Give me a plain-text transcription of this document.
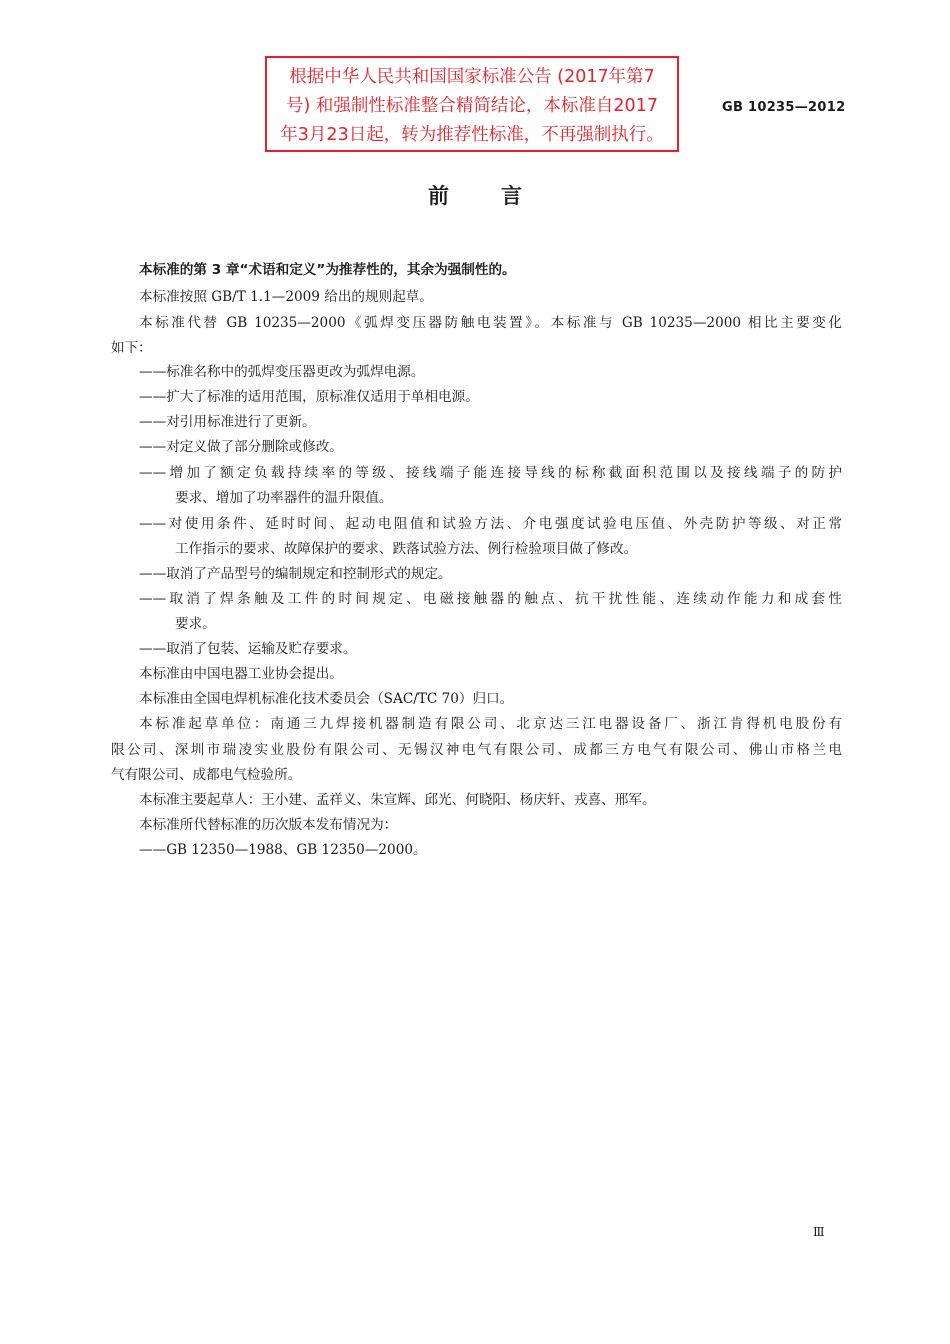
根据中华人民共和国国家标准公告 (2017年第7
号) 和强制性标准整合精简结论，本标准自2017
年3月23日起，转为推荐性标准，不再强制执行。
GB 10235—2012
前 言
本标准的第 3 章“术语和定义”为推荐性的，其余为强制性的。
本标准按照 GB/T 1.1—2009 给出的规则起草。
本标准代替 GB 10235—2000《弧焊变压器防触电装置》。本标准与 GB 10235—2000 相比主要变化
如下：
——标准名称中的弧焊变压器更改为弧焊电源。
——扩大了标准的适用范围，原标准仅适用于单相电源。
——对引用标准进行了更新。
——对定义做了部分删除或修改。
——增加了额定负载持续率的等级、接线端子能连接导线的标称截面积范围以及接线端子的防护
要求、增加了功率器件的温升限值。
——对使用条件、延时时间、起动电阻值和试验方法、介电强度试验电压值、外壳防护等级、对正常
工作指示的要求、故障保护的要求、跌落试验方法、例行检验项目做了修改。
——取消了产品型号的编制规定和控制形式的规定。
——取消了焊条触及工件的时间规定、电磁接触器的触点、抗干扰性能、连续动作能力和成套性
要求。
——取消了包装、运输及贮存要求。
本标准由中国电器工业协会提出。
本标准由全国电焊机标准化技术委员会（SAC/TC 70）归口。
本标准起草单位：南通三九焊接机器制造有限公司、北京达三江电器设备厂、浙江肯得机电股份有
限公司、深圳市瑞凌实业股份有限公司、无锡汉神电气有限公司、成都三方电气有限公司、佛山市格兰电
气有限公司、成都电气检验所。
本标准主要起草人：王小建、孟祥义、朱宣辉、邱光、何晓阳、杨庆轩、戎喜、邢军。
本标准所代替标准的历次版本发布情况为：
——GB 12350—1988、GB 12350—2000。
Ⅲ
